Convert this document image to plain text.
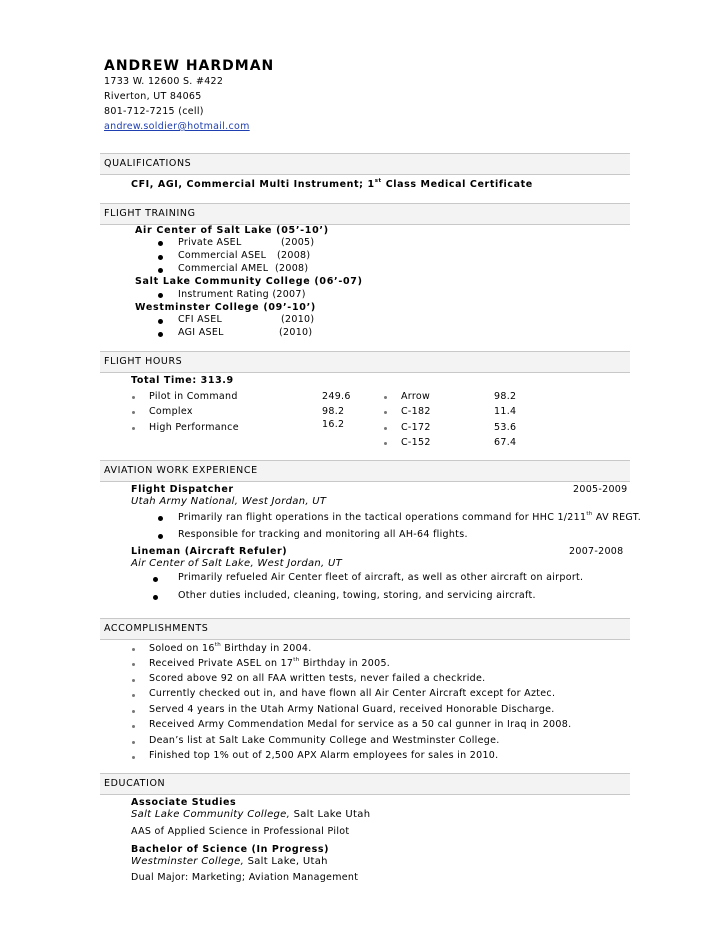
ANDREW HARDMAN
1733 W. 12600 S. #422
Riverton, UT 84065
801-712-7215 (cell)
andrew.soldier@hotmail.com
QUALIFICATIONS
CFI, AGI, Commercial Multi Instrument; 1st Class Medical Certificate
FLIGHT TRAINING
Air Center of Salt Lake (05’-10’)
Private ASEL	(2005)
Commercial ASEL (2008)
Commercial AMEL (2008)
Salt Lake Community College (06’-07)
Instrument Rating (2007)
Westminster College (09’-10’)
CFI ASEL	(2010)
AGI ASEL	(2010)
FLIGHT HOURS
Total Time: 313.9
Pilot in Command	249.6
Complex	98.2
High Performance	16.2
Arrow	98.2
C-182	11.4
C-172	53.6
C-152	67.4
AVIATION WORK EXPERIENCE
Flight Dispatcher	2005-2009
Utah Army National, West Jordan, UT
Primarily ran flight operations in the tactical operations command for HHC 1/211th AV REGT.
Responsible for tracking and monitoring all AH-64 flights.
Lineman (Aircraft Refuler)	2007-2008
Air Center of Salt Lake, West Jordan, UT
Primarily refueled Air Center fleet of aircraft, as well as other aircraft on airport.
Other duties included, cleaning, towing, storing, and servicing aircraft.
ACCOMPLISHMENTS
Soloed on 16th Birthday in 2004.
Received Private ASEL on 17th Birthday in 2005.
Scored above 92 on all FAA written tests, never failed a checkride.
Currently checked out in, and have flown all Air Center Aircraft except for Aztec.
Served 4 years in the Utah Army National Guard, received Honorable Discharge.
Received Army Commendation Medal for service as a 50 cal gunner in Iraq in 2008.
Dean’s list at Salt Lake Community College and Westminster College.
Finished top 1% out of 2,500 APX Alarm employees for sales in 2010.
EDUCATION
Associate Studies
Salt Lake Community College, Salt Lake Utah
AAS of Applied Science in Professional Pilot
Bachelor of Science (In Progress)
Westminster College, Salt Lake, Utah
Dual Major: Marketing; Aviation Management
